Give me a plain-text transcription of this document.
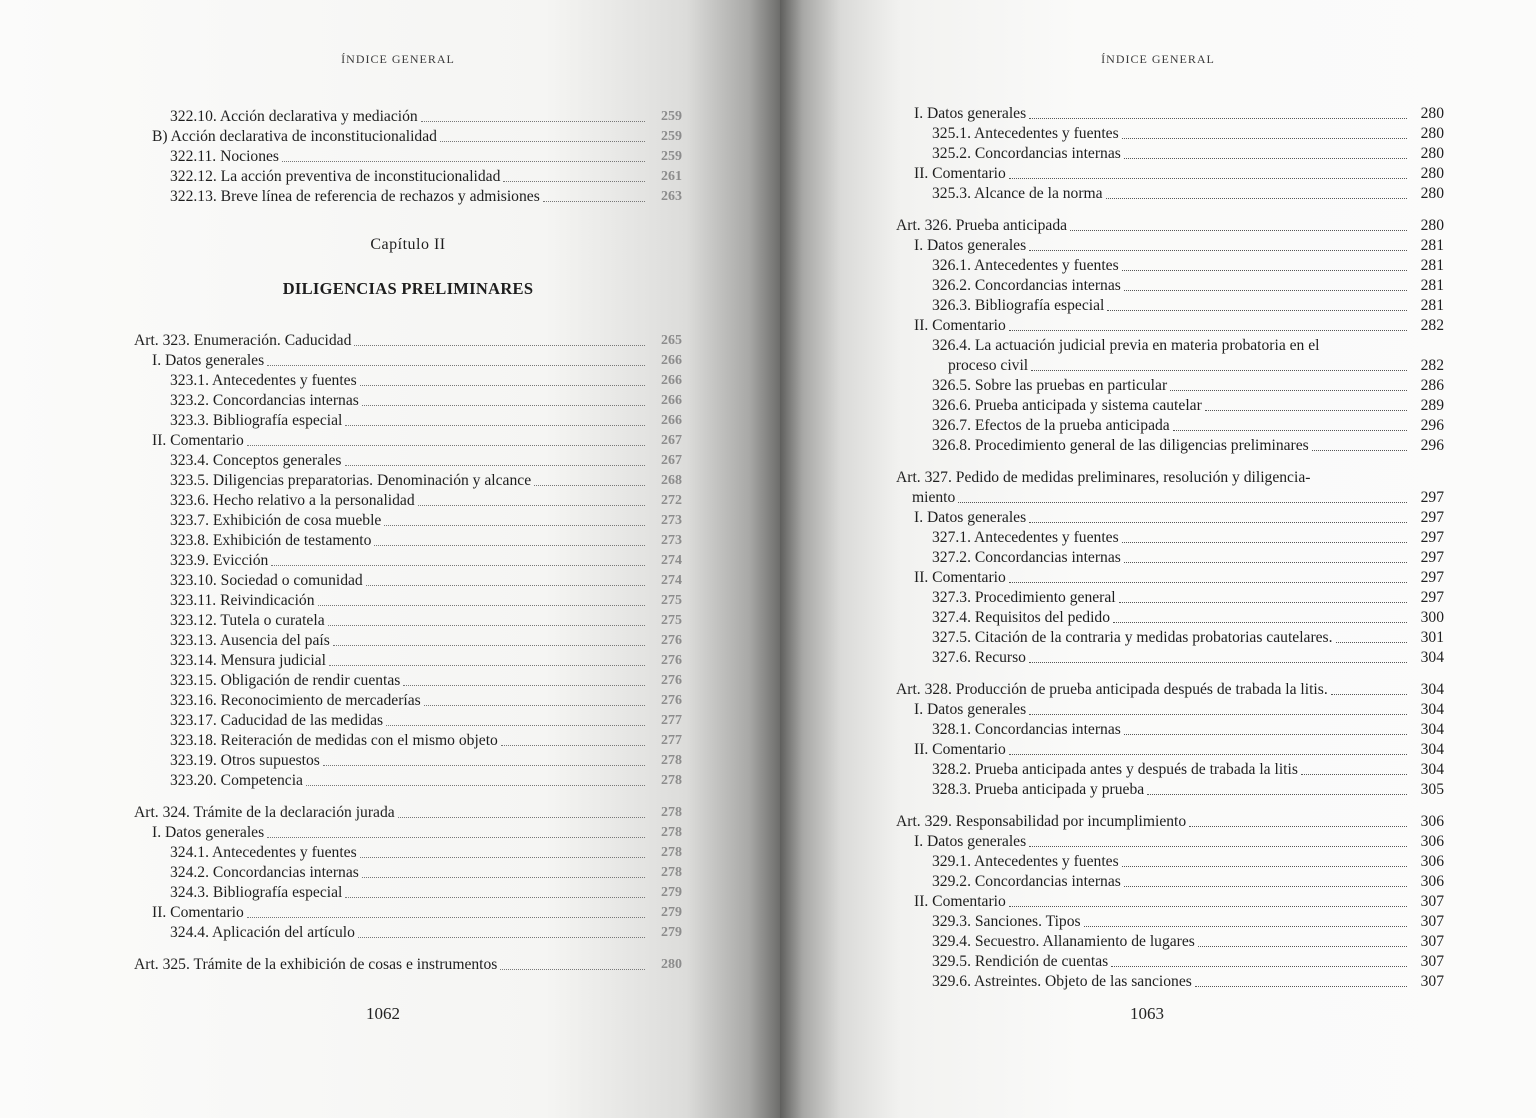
ÍNDICE GENERAL
322.10. Acción declarativa y mediación	259
B) Acción declarativa de inconstitucionalidad	259
322.11. Nociones	259
322.12. La acción preventiva de inconstitucionalidad	261
322.13. Breve línea de referencia de rechazos y admisiones	263
Capítulo II
DILIGENCIAS PRELIMINARES
Art. 323. Enumeración. Caducidad	265
I. Datos generales	266
323.1. Antecedentes y fuentes	266
323.2. Concordancias internas	266
323.3. Bibliografía especial	266
II. Comentario	267
323.4. Conceptos generales	267
323.5. Diligencias preparatorias. Denominación y alcance	268
323.6. Hecho relativo a la personalidad	272
323.7. Exhibición de cosa mueble	273
323.8. Exhibición de testamento	273
323.9. Evicción	274
323.10. Sociedad o comunidad	274
323.11. Reivindicación	275
323.12. Tutela o curatela	275
323.13. Ausencia del país	276
323.14. Mensura judicial	276
323.15. Obligación de rendir cuentas	276
323.16. Reconocimiento de mercaderías	276
323.17. Caducidad de las medidas	277
323.18. Reiteración de medidas con el mismo objeto	277
323.19. Otros supuestos	278
323.20. Competencia	278
Art. 324. Trámite de la declaración jurada	278
I. Datos generales	278
324.1. Antecedentes y fuentes	278
324.2. Concordancias internas	278
324.3. Bibliografía especial	279
II. Comentario	279
324.4. Aplicación del artículo	279
Art. 325. Trámite de la exhibición de cosas e instrumentos	280
1062
ÍNDICE GENERAL
I. Datos generales	280
325.1. Antecedentes y fuentes	280
325.2. Concordancias internas	280
II. Comentario	280
325.3. Alcance de la norma	280
Art. 326. Prueba anticipada	280
I. Datos generales	281
326.1. Antecedentes y fuentes	281
326.2. Concordancias internas	281
326.3. Bibliografía especial	281
II. Comentario	282
326.4. La actuación judicial previa en materia probatoria en el
proceso civil	282
326.5. Sobre las pruebas en particular	286
326.6. Prueba anticipada y sistema cautelar	289
326.7. Efectos de la prueba anticipada	296
326.8. Procedimiento general de las diligencias preliminares	296
Art. 327. Pedido de medidas preliminares, resolución y diligencia-
miento	297
I. Datos generales	297
327.1. Antecedentes y fuentes	297
327.2. Concordancias internas	297
II. Comentario	297
327.3. Procedimiento general	297
327.4. Requisitos del pedido	300
327.5. Citación de la contraria y medidas probatorias cautelares.	301
327.6. Recurso	304
Art. 328. Producción de prueba anticipada después de trabada la litis.	304
I. Datos generales	304
328.1. Concordancias internas	304
II. Comentario	304
328.2. Prueba anticipada antes y después de trabada la litis	304
328.3. Prueba anticipada y prueba	305
Art. 329. Responsabilidad por incumplimiento	306
I. Datos generales	306
329.1. Antecedentes y fuentes	306
329.2. Concordancias internas	306
II. Comentario	307
329.3. Sanciones. Tipos	307
329.4. Secuestro. Allanamiento de lugares	307
329.5. Rendición de cuentas	307
329.6. Astreintes. Objeto de las sanciones	307
1063
